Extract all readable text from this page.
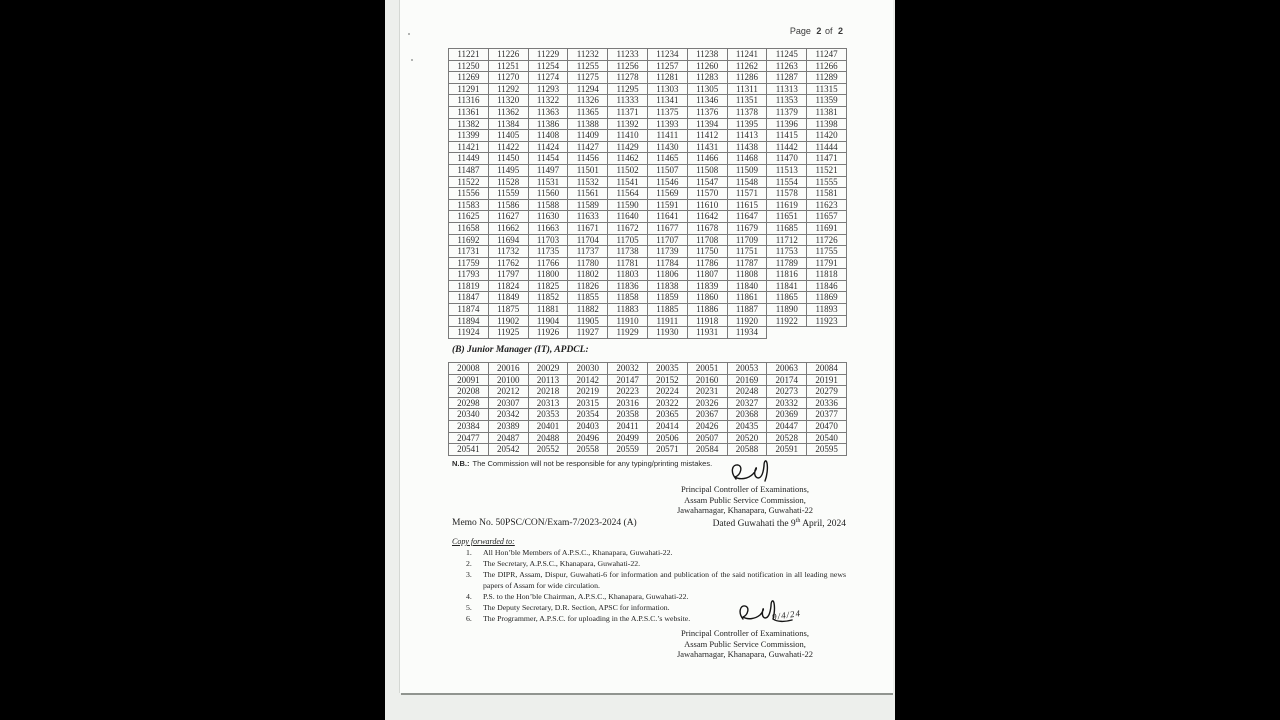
Page 2 of 2
11221	11226	11229	11232	11233	11234	11238	11241	11245	11247
11250	11251	11254	11255	11256	11257	11260	11262	11263	11266
11269	11270	11274	11275	11278	11281	11283	11286	11287	11289
11291	11292	11293	11294	11295	11303	11305	11311	11313	11315
11316	11320	11322	11326	11333	11341	11346	11351	11353	11359
11361	11362	11363	11365	11371	11375	11376	11378	11379	11381
11382	11384	11386	11388	11392	11393	11394	11395	11396	11398
11399	11405	11408	11409	11410	11411	11412	11413	11415	11420
11421	11422	11424	11427	11429	11430	11431	11438	11442	11444
11449	11450	11454	11456	11462	11465	11466	11468	11470	11471
11487	11495	11497	11501	11502	11507	11508	11509	11513	11521
11522	11528	11531	11532	11541	11546	11547	11548	11554	11555
11556	11559	11560	11561	11564	11569	11570	11571	11578	11581
11583	11586	11588	11589	11590	11591	11610	11615	11619	11623
11625	11627	11630	11633	11640	11641	11642	11647	11651	11657
11658	11662	11663	11671	11672	11677	11678	11679	11685	11691
11692	11694	11703	11704	11705	11707	11708	11709	11712	11726
11731	11732	11735	11737	11738	11739	11750	11751	11753	11755
11759	11762	11766	11780	11781	11784	11786	11787	11789	11791
11793	11797	11800	11802	11803	11806	11807	11808	11816	11818
11819	11824	11825	11826	11836	11838	11839	11840	11841	11846
11847	11849	11852	11855	11858	11859	11860	11861	11865	11869
11874	11875	11881	11882	11883	11885	11886	11887	11890	11893
11894	11902	11904	11905	11910	11911	11918	11920	11922	11923
11924	11925	11926	11927	11929	11930	11931	11934		
(B) Junior Manager (IT), APDCL:
20008	20016	20029	20030	20032	20035	20051	20053	20063	20084
20091	20100	20113	20142	20147	20152	20160	20169	20174	20191
20208	20212	20218	20219	20223	20224	20231	20248	20273	20279
20298	20307	20313	20315	20316	20322	20326	20327	20332	20336
20340	20342	20353	20354	20358	20365	20367	20368	20369	20377
20384	20389	20401	20403	20411	20414	20426	20435	20447	20470
20477	20487	20488	20496	20499	20506	20507	20520	20528	20540
20541	20542	20552	20558	20559	20571	20584	20588	20591	20595
N.B.: The Commission will not be responsible for any typing/printing mistakes.
Principal Controller of Examinations,
Assam Public Service Commission,
Jawaharnagar, Khanapara, Guwahati-22
Memo No. 50PSC/CON/Exam-7/2023-2024 (A)	Dated Guwahati the 9th April, 2024
Copy forwarded to:
1.	All Hon’ble Members of A.P.S.C., Khanapara, Guwahati-22.
2.	The Secretary, A.P.S.C., Khanapara, Guwahati-22.
3.	The DIPR, Assam, Dispur, Guwahati-6 for information and publication of the said notification in all leading news papers of Assam for wide circulation.
4.	P.S. to the Hon’ble Chairman, A.P.S.C., Khanapara, Guwahati-22.
5.	The Deputy Secretary, D.R. Section, APSC for information.
6.	The Programmer, A.P.S.C. for uploading in the A.P.S.C.’s website.	9/4/24
Principal Controller of Examinations,
Assam Public Service Commission,
Jawaharnagar, Khanapara, Guwahati-22
